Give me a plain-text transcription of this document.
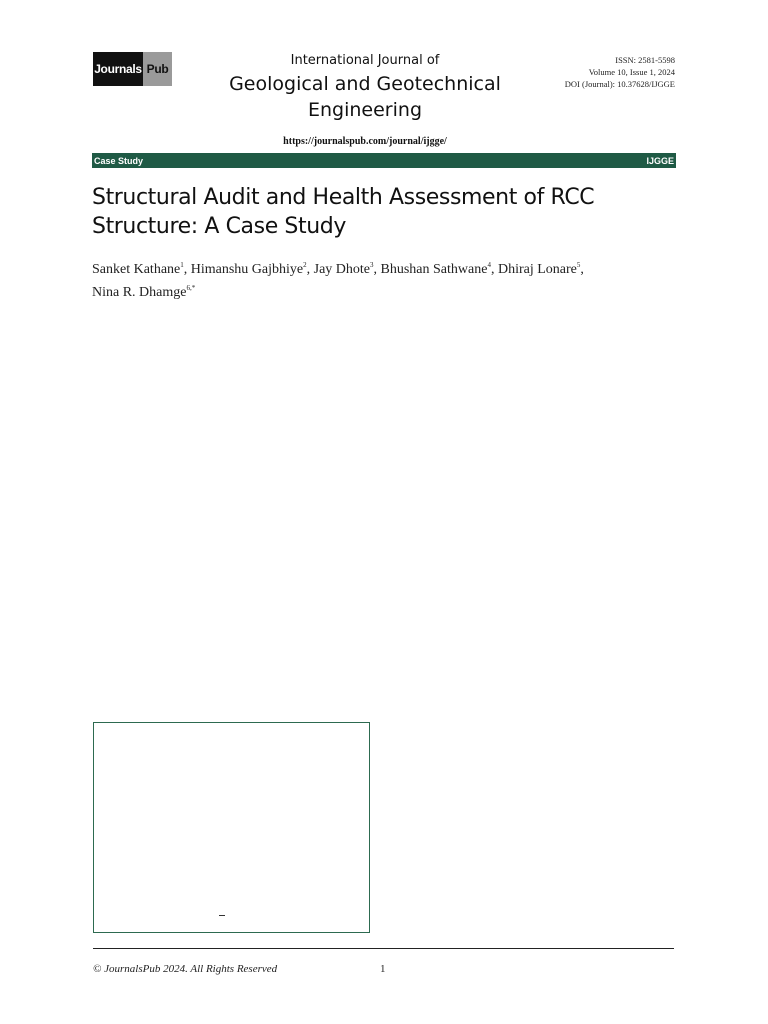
Journals Pub
International Journal of
Geological and Geotechnical Engineering
ISSN: 2581-5598
Volume 10, Issue 1, 2024
DOI (Journal): 10.37628/IJGGE
https://journalspub.com/journal/ijgge/
Case Study	IJGGE
Structural Audit and Health Assessment of RCC Structure: A Case Study
Sanket Kathane$^1$, Himanshu Gajbhiye$^2$, Jay Dhote$^3$, Bhushan Sathwane$^4$, Dhiraj Lonare$^5$,
Nina R. Dhamge$^{6,*}$
© JournalsPub 2024. All Rights Reserved	1
